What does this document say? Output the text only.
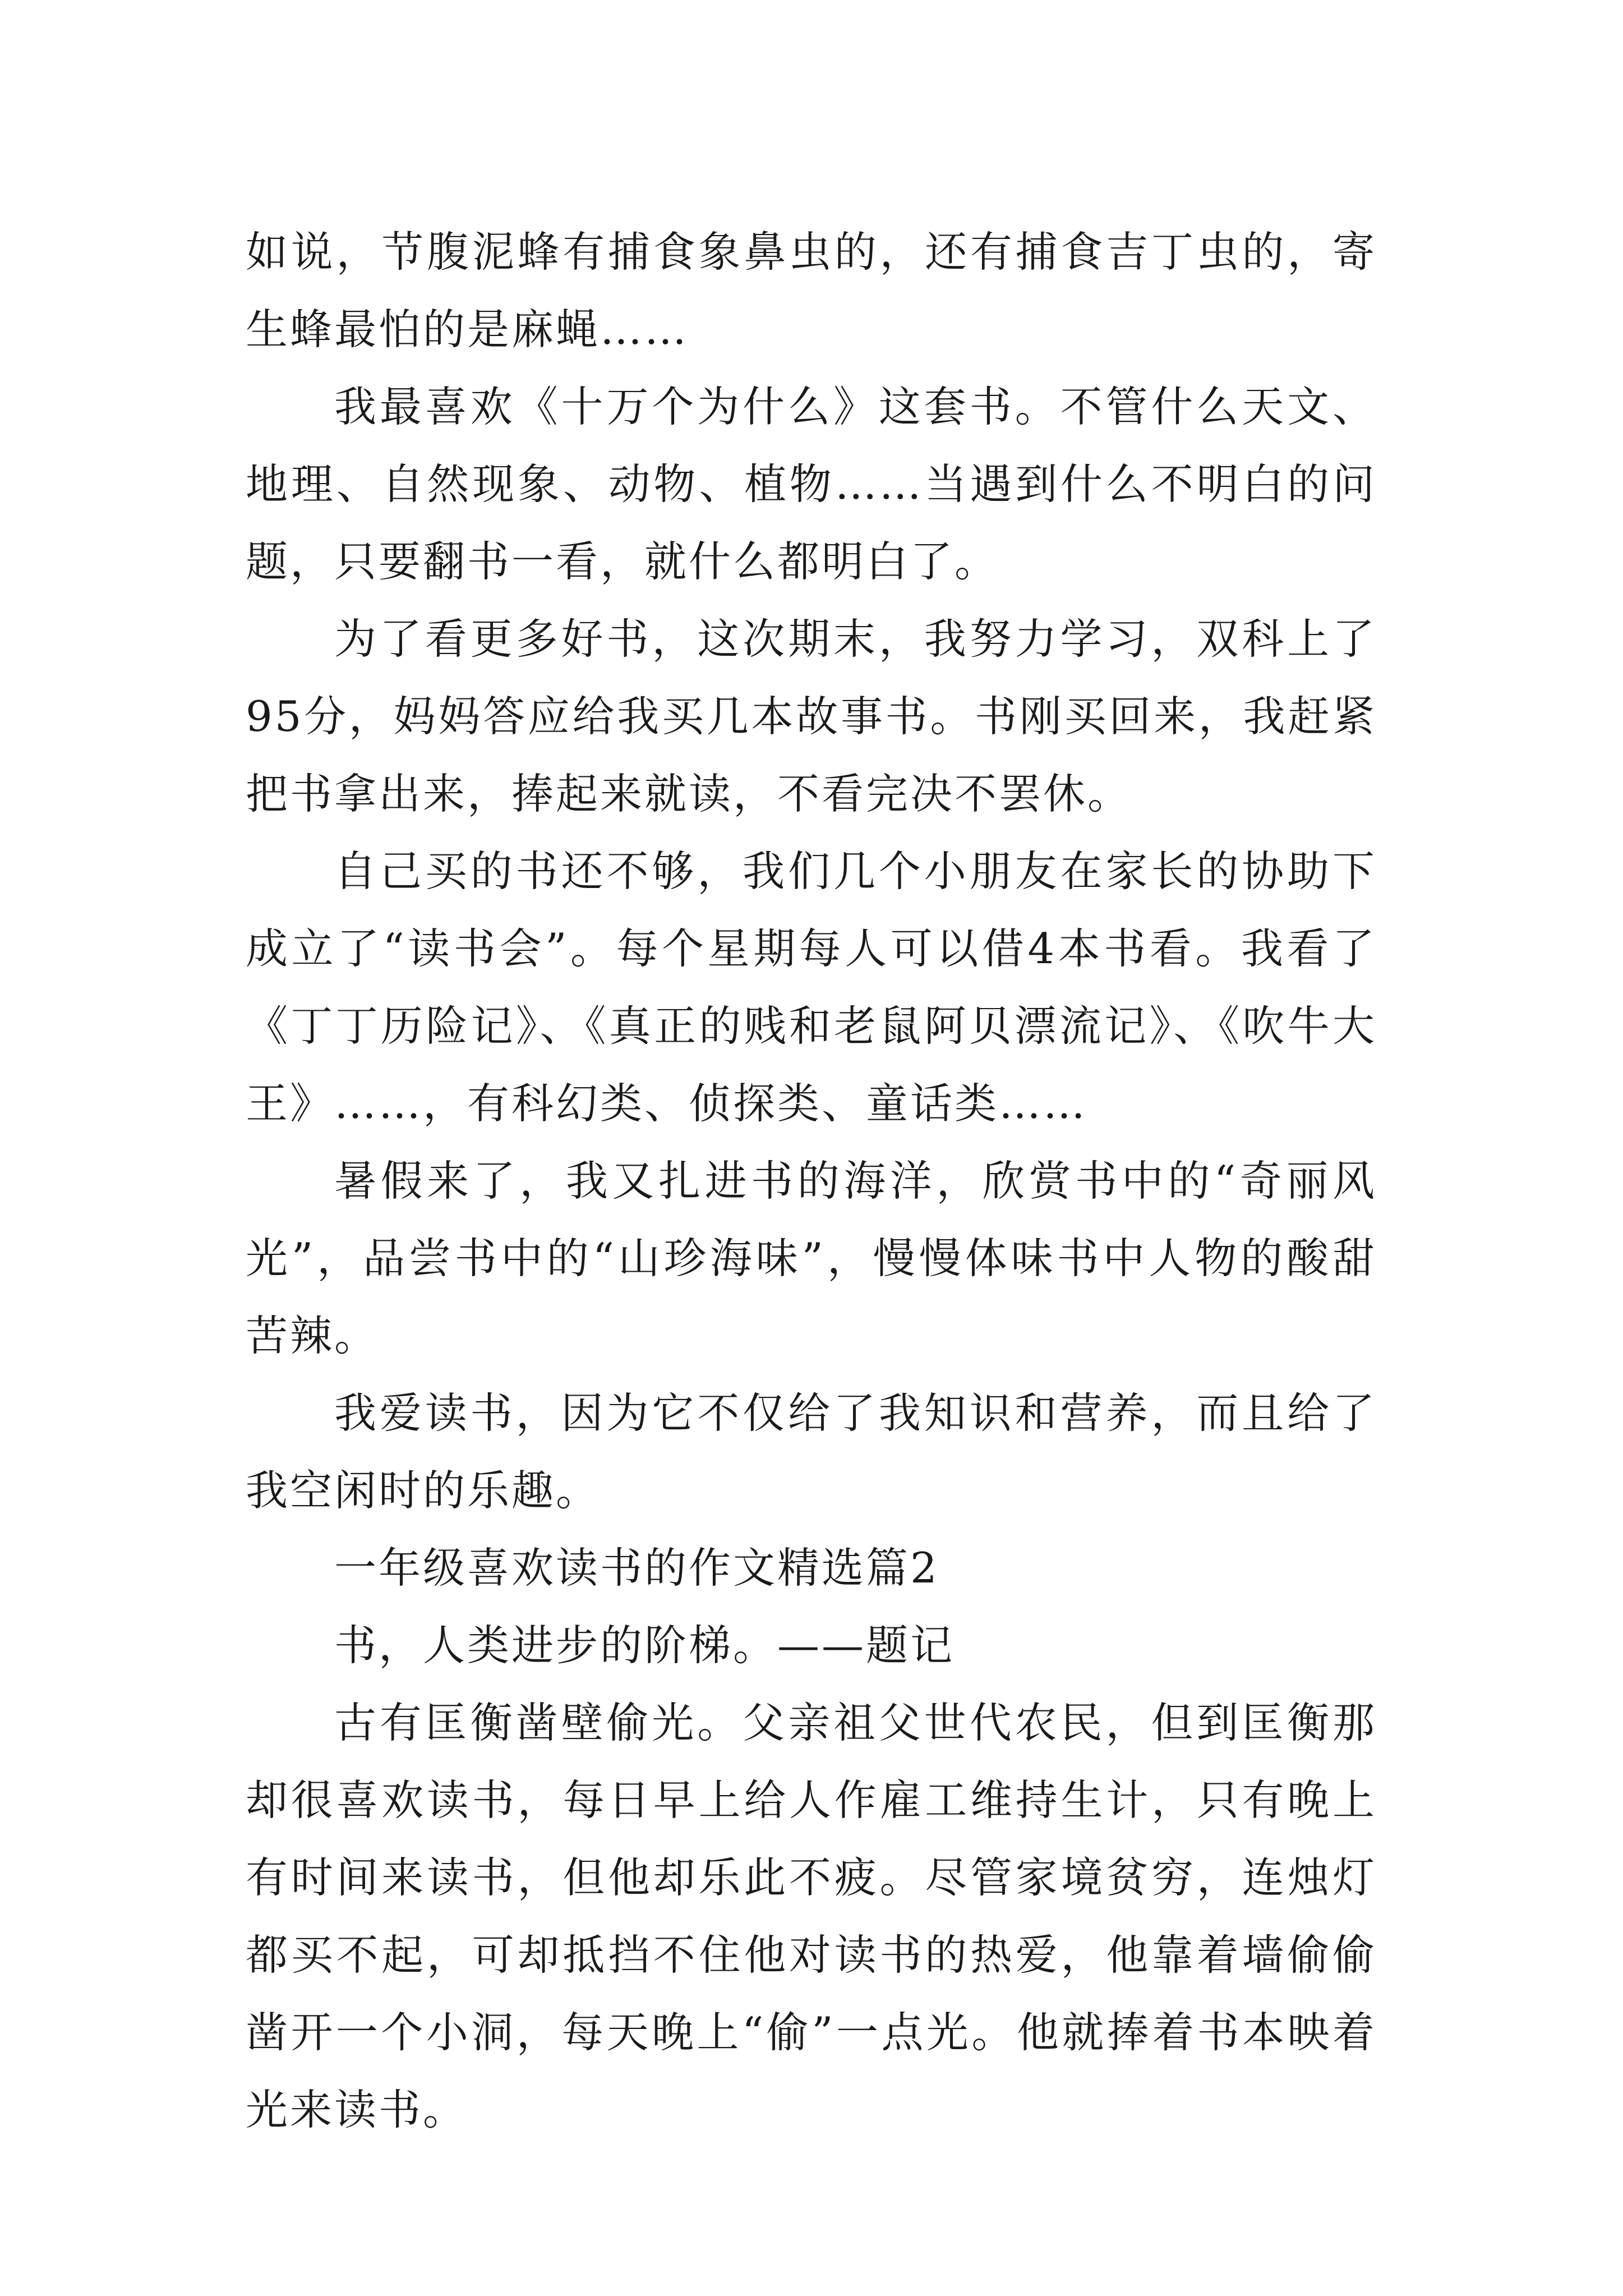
如说，节腹泥蜂有捕食象鼻虫的，还有捕食吉丁虫的，寄生蜂最怕的是麻蝇……

我最喜欢《十万个为什么》这套书。不管什么天文、地理、自然现象、动物、植物……当遇到什么不明白的问题，只要翻书一看，就什么都明白了。

为了看更多好书，这次期末，我努力学习，双科上了95分，妈妈答应给我买几本故事书。书刚买回来，我赶紧把书拿出来，捧起来就读，不看完决不罢休。

自己买的书还不够，我们几个小朋友在家长的协助下成立了“读书会”。每个星期每人可以借4本书看。我看了《丁丁历险记》、《真正的贱和老鼠阿贝漂流记》、《吹牛大王》……，有科幻类、侦探类、童话类……

暑假来了，我又扎进书的海洋，欣赏书中的“奇丽风光”，品尝书中的“山珍海味”，慢慢体味书中人物的酸甜苦辣。

我爱读书，因为它不仅给了我知识和营养，而且给了我空闲时的乐趣。

一年级喜欢读书的作文精选篇2

书，人类进步的阶梯。——题记

古有匡衡凿壁偷光。父亲祖父世代农民，但到匡衡那却很喜欢读书，每日早上给人作雇工维持生计，只有晚上有时间来读书，但他却乐此不疲。尽管家境贫穷，连烛灯都买不起，可却抵挡不住他对读书的热爱，他靠着墙偷偷凿开一个小洞，每天晚上“偷”一点光。他就捧着书本映着光来读书。
